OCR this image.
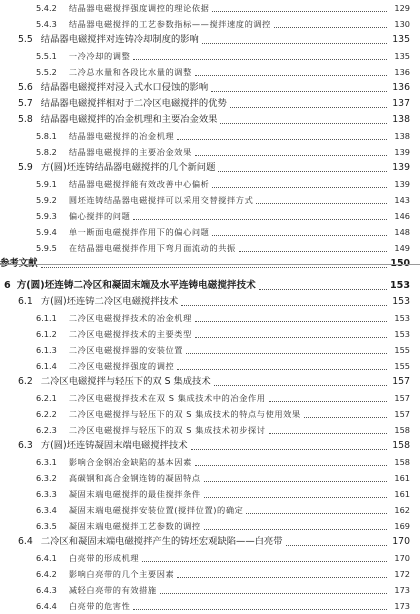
5.4.2	结晶器电磁搅拌强度调控的理论依据	129
5.4.3	结晶器电磁搅拌的工艺参数指标——搅拌速度的调控	130
5.5 结晶器电磁搅拌对连铸冷却制度的影响	135
5.5.1	一冷冷却的调整	135
5.5.2	二冷总水量和各段比水量的调整	136
5.6 结晶器电磁搅拌对浸入式水口侵蚀的影响	136
5.7 结晶器电磁搅拌相对于二冷区电磁搅拌的优势	137
5.8 结晶器电磁搅拌的冶金机理和主要冶金效果	138
5.8.1	结晶器电磁搅拌的冶金机理	138
5.8.2	结晶器电磁搅拌的主要冶金效果	139
5.9 方(圆)坯连铸结晶器电磁搅拌的几个新问题	139
5.9.1	结晶器电磁搅拌能有效改善中心偏析	139
5.9.2	圆坯连铸结晶器电磁搅拌可以采用交替搅拌方式	143
5.9.3	偏心搅拌的问题	146
5.9.4	单一断面电磁搅拌作用下的偏心问题	148
5.9.5	在结晶器电磁搅拌作用下弯月面流动的共振	149
参考文献	150
6 方(圆)坯连铸二冷区和凝固末端及水平连铸电磁搅拌技术	153
6.1 方(圆)坯连铸二冷区电磁搅拌技术	153
6.1.1	二冷区电磁搅拌技术的冶金机理	153
6.1.2	二冷区电磁搅拌技术的主要类型	153
6.1.3	二冷区电磁搅拌器的安装位置	155
6.1.4	二冷区电磁搅拌强度的调控	155
6.2 二冷区电磁搅拌与轻压下的双 S 集成技术	157
6.2.1	二冷区电磁搅拌技术在双 S 集成技术中的冶金作用	157
6.2.2	二冷区电磁搅拌与轻压下的双 S 集成技术的特点与使用效果	157
6.2.3	二冷区电磁搅拌与轻压下的双 S 集成技术初步探讨	158
6.3 方(圆)坯连铸凝固末端电磁搅拌技术	158
6.3.1	影响合金钢冶金缺陷的基本因素	158
6.3.2	高碳钢和高合金钢连铸的凝固特点	161
6.3.3	凝固末端电磁搅拌的最佳搅拌条件	161
6.3.4	凝固末端电磁搅拌安装位置(搅拌位置)的确定	162
6.3.5	凝固末端电磁搅拌工艺参数的调控	169
6.4 二冷区和凝固末端电磁搅拌产生的铸坯宏观缺陷——白亮带	170
6.4.1	白亮带的形成机理	170
6.4.2	影响白亮带的几个主要因素	172
6.4.3	减轻白亮带的有效措施	173
6.4.4	白亮带的危害性	173
